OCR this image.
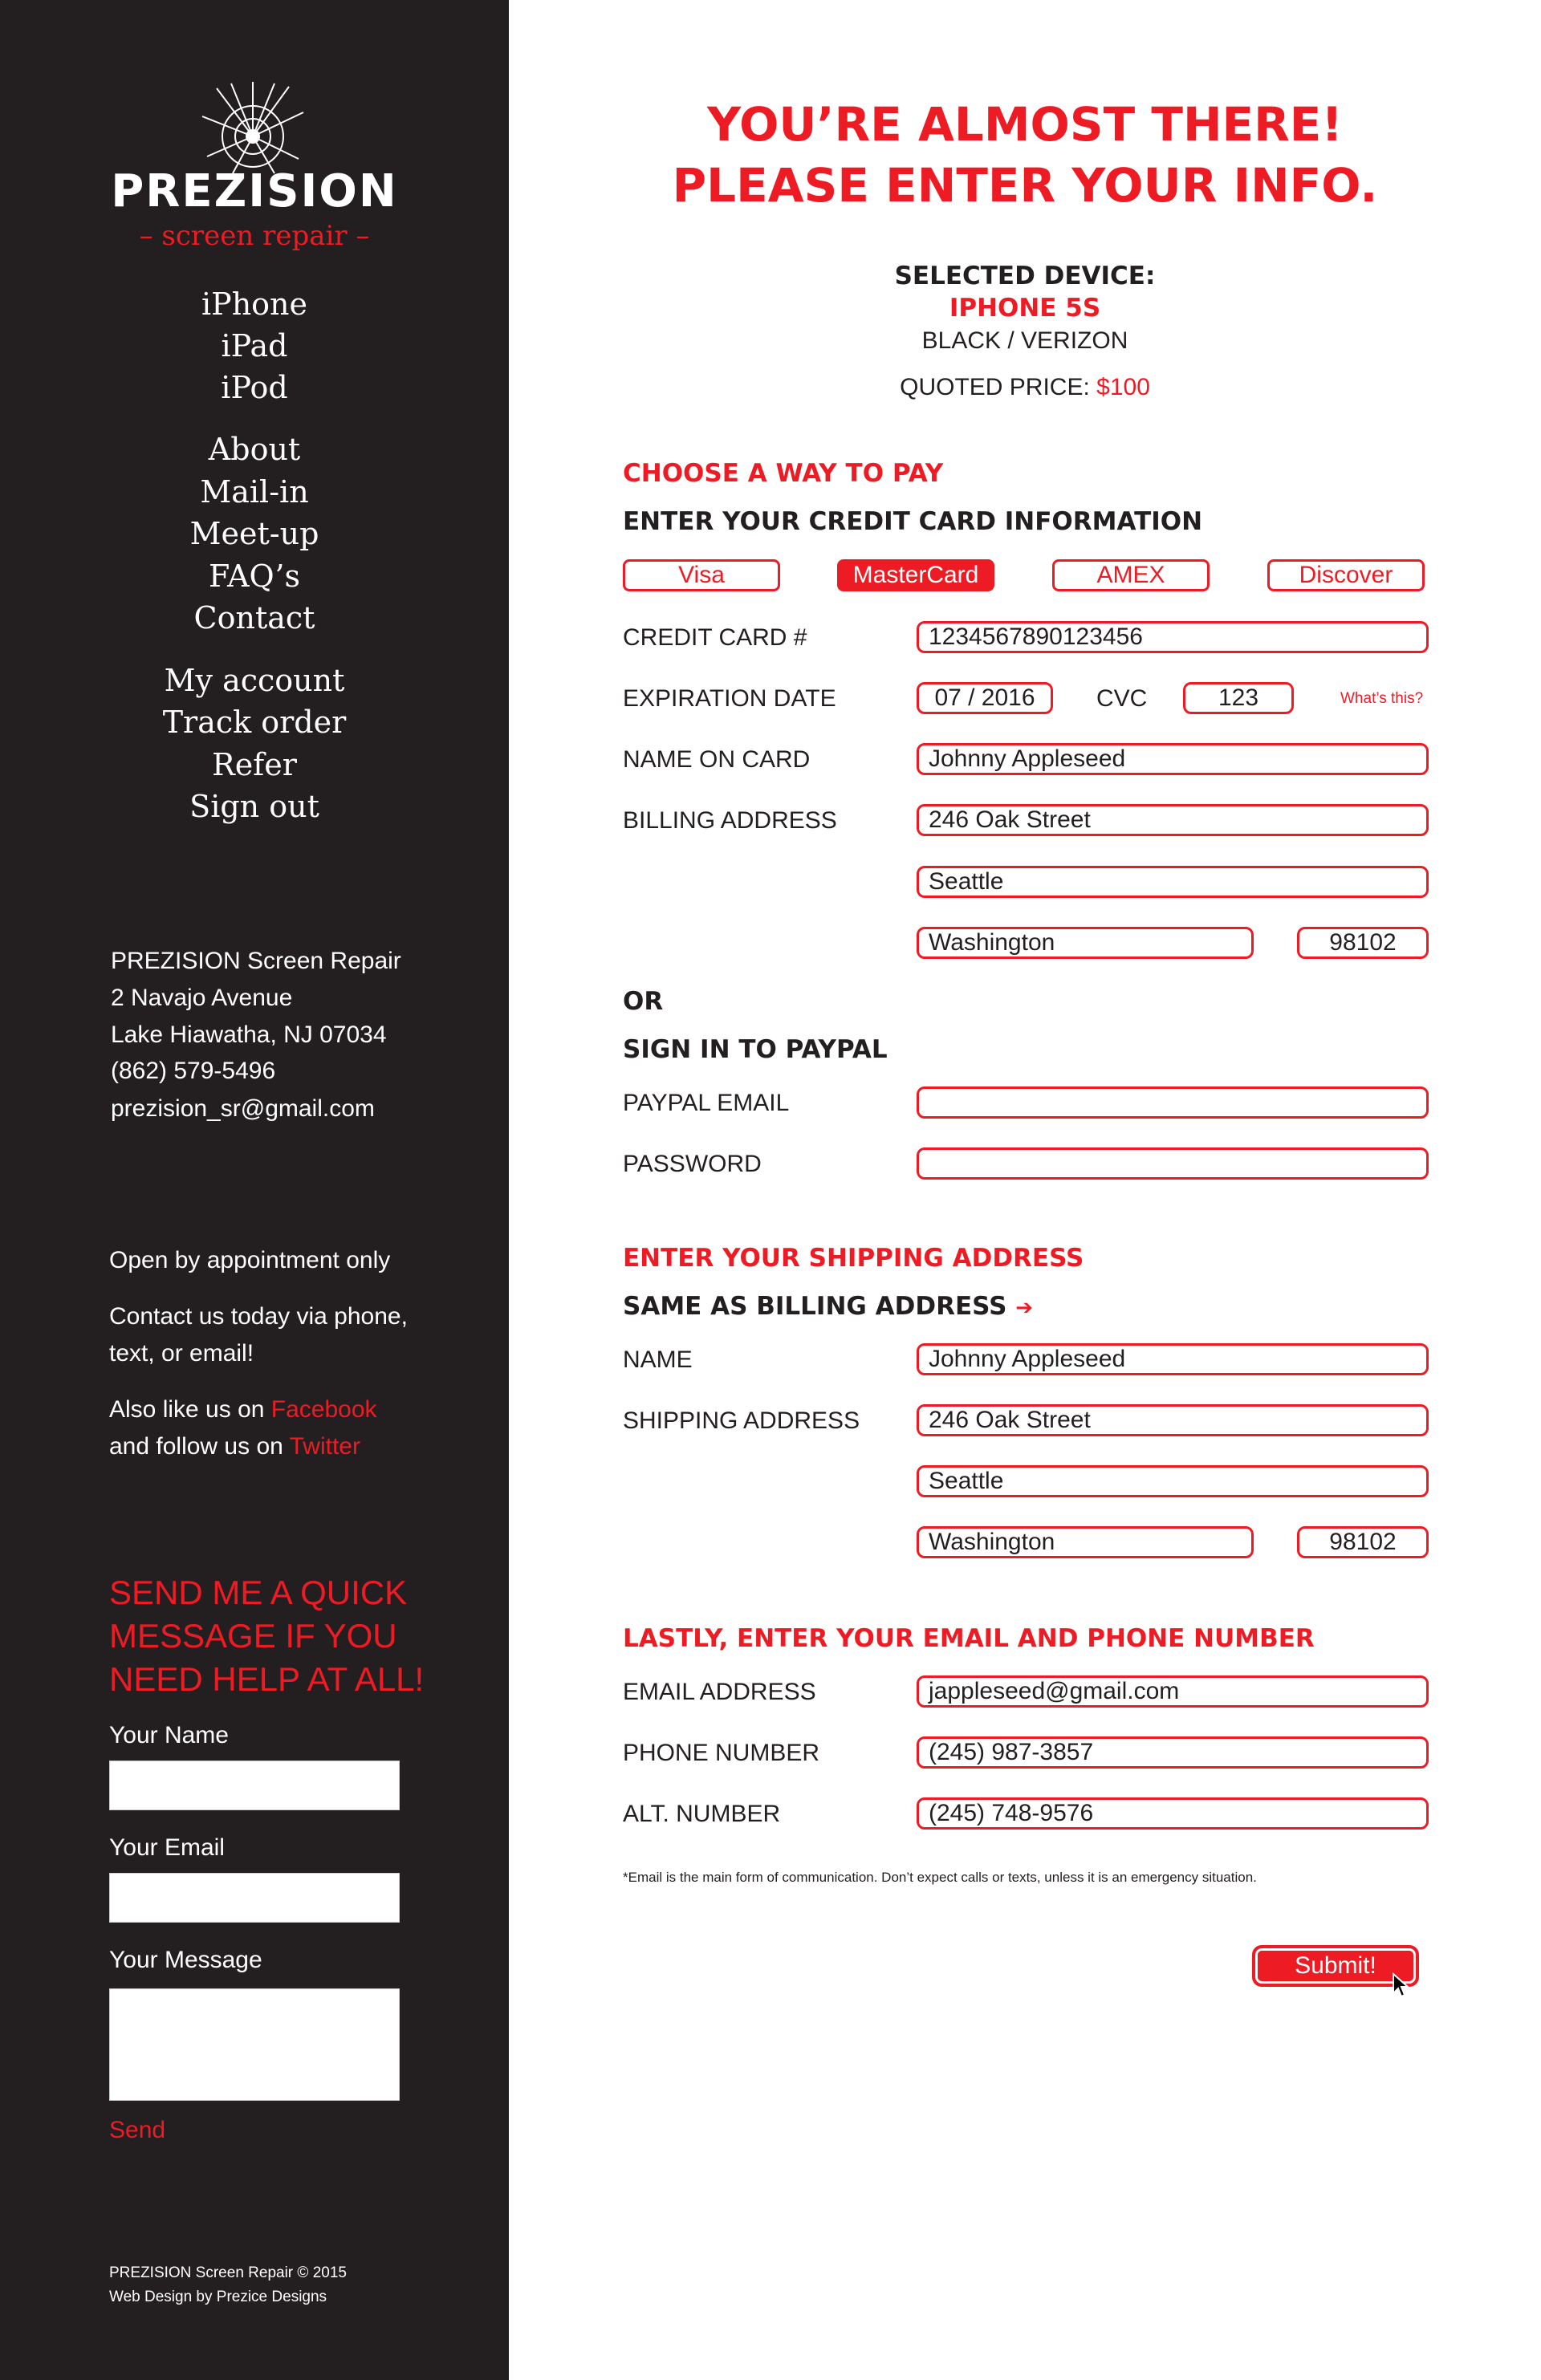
PREZISION
– screen repair –
iPhone
iPad
iPod
About
Mail-in
Meet-up
FAQ’s
Contact
My account
Track order
Refer
Sign out
PREZISION Screen Repair
2 Navajo Avenue
Lake Hiawatha, NJ 07034
(862) 579-5496
prezision_sr@gmail.com
Open by appointment only
Contact us today via phone,
text, or email!
Also like us on Facebook
and follow us on Twitter
SEND ME A QUICK MESSAGE IF YOU NEED HELP AT ALL!
Your Name
Your Email
Your Message
Send
PREZISION Screen Repair © 2015
Web Design by Prezice Designs
YOU’RE ALMOST THERE!
PLEASE ENTER YOUR INFO.
SELECTED DEVICE:
IPHONE 5S
BLACK / VERIZON
QUOTED PRICE: $100
CHOOSE A WAY TO PAY
ENTER YOUR CREDIT CARD INFORMATION
Visa	MasterCard	AMEX	Discover
CREDIT CARD #	1234567890123456
EXPIRATION DATE	07 / 2016	CVC	123	What’s this?
NAME ON CARD	Johnny Appleseed
BILLING ADDRESS	246 Oak Street
Seattle
Washington	98102
OR
SIGN IN TO PAYPAL
PAYPAL EMAIL
PASSWORD
ENTER YOUR SHIPPING ADDRESS
SAME AS BILLING ADDRESS ➔
NAME	Johnny Appleseed
SHIPPING ADDRESS	246 Oak Street
Seattle
Washington	98102
LASTLY, ENTER YOUR EMAIL AND PHONE NUMBER
EMAIL ADDRESS	jappleseed@gmail.com
PHONE NUMBER	(245) 987-3857
ALT. NUMBER	(245) 748-9576
*Email is the main form of communication. Don’t expect calls or texts, unless it is an emergency situation.
Submit!
